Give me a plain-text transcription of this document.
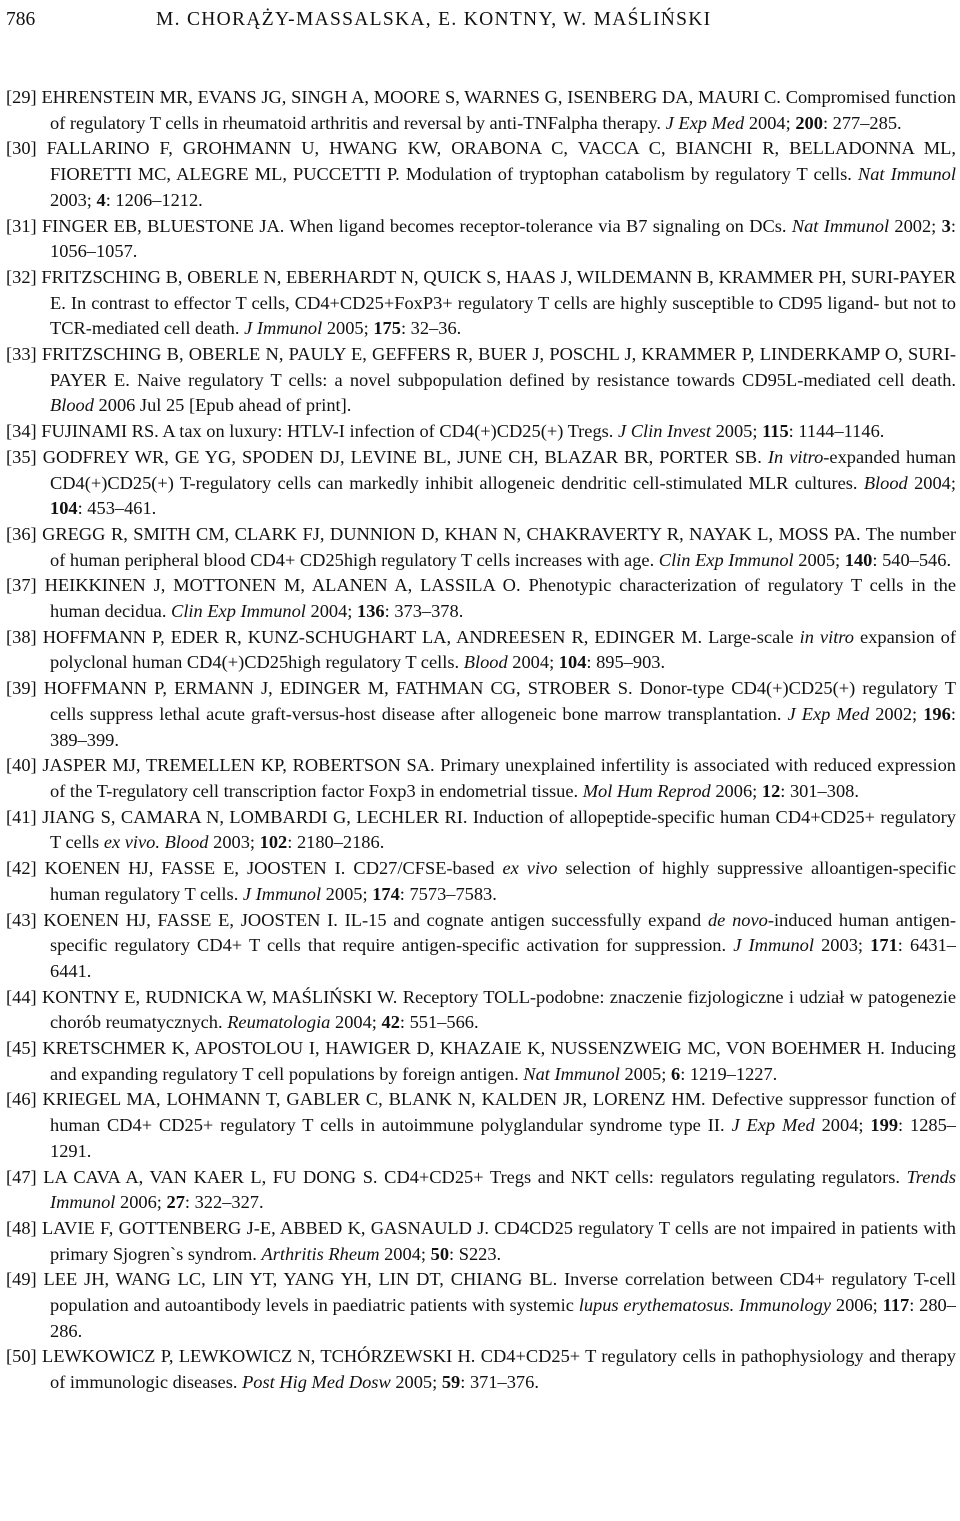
786	M. CHORĄŻY-MASSALSKA, E. KONTNY, W. MAŚLIŃSKI

[29] EHRENSTEIN MR, EVANS JG, SINGH A, MOORE S, WARNES G, ISENBERG DA, MAURI C. Compromised function of regulatory T cells in rheumatoid arthritis and reversal by anti-TNFalpha therapy. J Exp Med 2004; 200: 277–285.

[30] FALLARINO F, GROHMANN U, HWANG KW, ORABONA C, VACCA C, BIANCHI R, BELLADONNA ML, FIORETTI MC, ALEGRE ML, PUCCETTI P. Modulation of tryptophan catabolism by regulatory T cells. Nat Immunol 2003; 4: 1206–1212.

[31] FINGER EB, BLUESTONE JA. When ligand becomes receptor-tolerance via B7 signaling on DCs. Nat Immunol 2002; 3: 1056–1057.

[32] FRITZSCHING B, OBERLE N, EBERHARDT N, QUICK S, HAAS J, WILDEMANN B, KRAMMER PH, SURI-PAYER E. In contrast to effector T cells, CD4+CD25+FoxP3+ regulatory T cells are highly susceptible to CD95 ligand- but not to TCR-mediated cell death. J Immunol 2005; 175: 32–36.

[33] FRITZSCHING B, OBERLE N, PAULY E, GEFFERS R, BUER J, POSCHL J, KRAMMER P, LINDERKAMP O, SURI-PAYER E. Naive regulatory T cells: a novel subpopulation defined by resistance towards CD95L-mediated cell death. Blood 2006 Jul 25 [Epub ahead of print].

[34] FUJINAMI RS. A tax on luxury: HTLV-I infection of CD4(+)CD25(+) Tregs. J Clin Invest 2005; 115: 1144–1146.

[35] GODFREY WR, GE YG, SPODEN DJ, LEVINE BL, JUNE CH, BLAZAR BR, PORTER SB. In vitro-expanded human CD4(+)CD25(+) T-regulatory cells can markedly inhibit allogeneic dendritic cell-stimulated MLR cultures. Blood 2004; 104: 453–461.

[36] GREGG R, SMITH CM, CLARK FJ, DUNNION D, KHAN N, CHAKRAVERTY R, NAYAK L, MOSS PA. The number of human peripheral blood CD4+ CD25high regulatory T cells increases with age. Clin Exp Immunol 2005; 140: 540–546.

[37] HEIKKINEN J, MOTTONEN M, ALANEN A, LASSILA O. Phenotypic characterization of regulatory T cells in the human decidua. Clin Exp Immunol 2004; 136: 373–378.

[38] HOFFMANN P, EDER R, KUNZ-SCHUGHART LA, ANDREESEN R, EDINGER M. Large-scale in vitro expansion of polyclonal human CD4(+)CD25high regulatory T cells. Blood 2004; 104: 895–903.

[39] HOFFMANN P, ERMANN J, EDINGER M, FATHMAN CG, STROBER S. Donor-type CD4(+)CD25(+) regulatory T cells suppress lethal acute graft-versus-host disease after allogeneic bone marrow transplantation. J Exp Med 2002; 196: 389–399.

[40] JASPER MJ, TREMELLEN KP, ROBERTSON SA. Primary unexplained infertility is associated with reduced expression of the T-regulatory cell transcription factor Foxp3 in endometrial tissue. Mol Hum Reprod 2006; 12: 301–308.

[41] JIANG S, CAMARA N, LOMBARDI G, LECHLER RI. Induction of allopeptide-specific human CD4+CD25+ regulatory T cells ex vivo. Blood 2003; 102: 2180–2186.

[42] KOENEN HJ, FASSE E, JOOSTEN I. CD27/CFSE-based ex vivo selection of highly suppressive alloantigen-specific human regulatory T cells. J Immunol 2005; 174: 7573–7583.

[43] KOENEN HJ, FASSE E, JOOSTEN I. IL-15 and cognate antigen successfully expand de novo-induced human antigen-specific regulatory CD4+ T cells that require antigen-specific activation for suppression. J Immunol 2003; 171: 6431–6441.

[44] KONTNY E, RUDNICKA W, MAŚLIŃSKI W. Receptory TOLL-podobne: znaczenie fizjologiczne i udział w patogenezie chorób reumatycznych. Reumatologia 2004; 42: 551–566.

[45] KRETSCHMER K, APOSTOLOU I, HAWIGER D, KHAZAIE K, NUSSENZWEIG MC, VON BOEHMER H. Inducing and expanding regulatory T cell populations by foreign antigen. Nat Immunol 2005; 6: 1219–1227.

[46] KRIEGEL MA, LOHMANN T, GABLER C, BLANK N, KALDEN JR, LORENZ HM. Defective suppressor function of human CD4+ CD25+ regulatory T cells in autoimmune polyglandular syndrome type II. J Exp Med 2004; 199: 1285–1291.

[47] LA CAVA A, VAN KAER L, FU DONG S. CD4+CD25+ Tregs and NKT cells: regulators regulating regulators. Trends Immunol 2006; 27: 322–327.

[48] LAVIE F, GOTTENBERG J-E, ABBED K, GASNAULD J. CD4CD25 regulatory T cells are not impaired in patients with primary Sjogren`s syndrom. Arthritis Rheum 2004; 50: S223.

[49] LEE JH, WANG LC, LIN YT, YANG YH, LIN DT, CHIANG BL. Inverse correlation between CD4+ regulatory T-cell population and autoantibody levels in paediatric patients with systemic lupus erythematosus. Immunology 2006; 117: 280–286.

[50] LEWKOWICZ P, LEWKOWICZ N, TCHÓRZEWSKI H. CD4+CD25+ T regulatory cells in pathophysiology and therapy of immunologic diseases. Post Hig Med Dosw 2005; 59: 371–376.
